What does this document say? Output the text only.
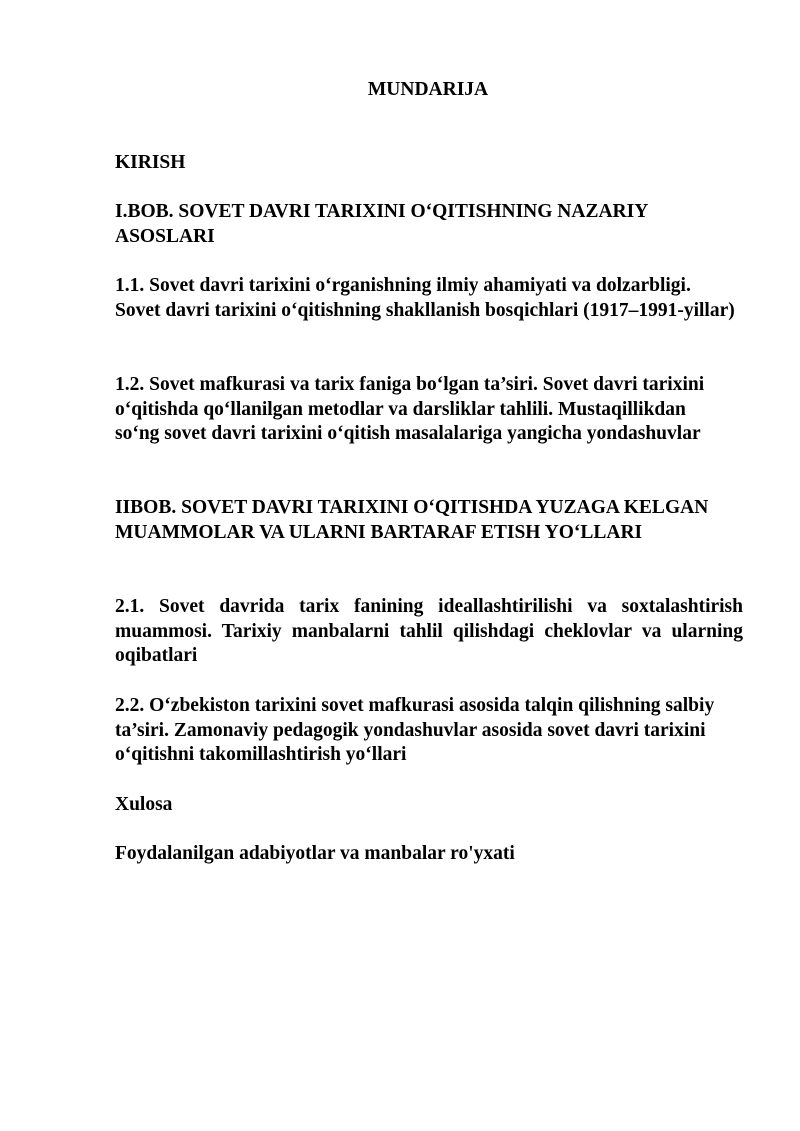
MUNDARIJA

KIRISH

I.BOB. SOVET DAVRI TARIXINI O‘QITISHNING NAZARIY ASOSLARI

1.1. Sovet davri tarixini o‘rganishning ilmiy ahamiyati va dolzarbligi. Sovet davri tarixini o‘qitishning shakllanish bosqichlari (1917–1991-yillar)

1.2. Sovet mafkurasi va tarix faniga bo‘lgan ta’siri. Sovet davri tarixini o‘qitishda qo‘llanilgan metodlar va darsliklar tahlili. Mustaqillikdan so‘ng sovet davri tarixini o‘qitish masalalariga yangicha yondashuvlar

IIBOB. SOVET DAVRI TARIXINI O‘QITISHDA YUZAGA KELGAN MUAMMOLAR VA ULARNI BARTARAF ETISH YO‘LLARI

2.1. Sovet davrida tarix fanining ideallashtirilishi va soxtalashtirish muammosi. Tarixiy manbalarni tahlil qilishdagi cheklovlar va ularning oqibatlari

2.2. O‘zbekiston tarixini sovet mafkurasi asosida talqin qilishning salbiy ta’siri. Zamonaviy pedagogik yondashuvlar asosida sovet davri tarixini o‘qitishni takomillashtirish yo‘llari

Xulosa

Foydalanilgan adabiyotlar va manbalar ro'yxati
